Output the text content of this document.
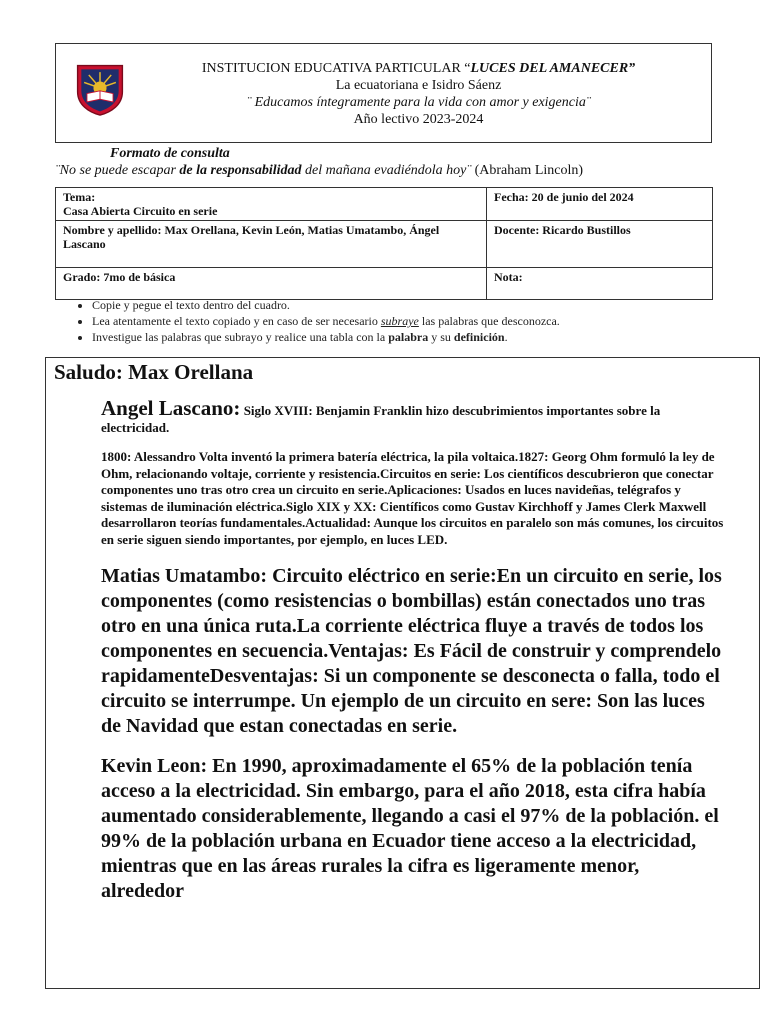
INSTITUCION EDUCATIVA PARTICULAR “LUCES DEL AMANECER”
La ecuatoriana e Isidro Sáenz
¨ Educamos íntegramente para la vida con amor y exigencia¨
Año lectivo 2023-2024
Formato de consulta
¨No se puede escapar de la responsabilidad del mañana evadiéndola hoy¨ (Abraham Lincoln)
Tema:
Casa Abierta Circuito en serie	Fecha: 20 de junio del 2024
Nombre y apellido: Max Orellana, Kevin León, Matias Umatambo, Ángel Lascano	Docente: Ricardo Bustillos
Grado: 7mo de básica	Nota:
• Copie y pegue el texto dentro del cuadro.
• Lea atentamente el texto copiado y en caso de ser necesario subraye las palabras que desconozca.
• Investigue las palabras que subrayo y realice una tabla con la palabra y su definición.
Saludo: Max Orellana

Angel Lascano: Siglo XVIII: Benjamin Franklin hizo descubrimientos importantes sobre la electricidad.

1800: Alessandro Volta inventó la primera batería eléctrica, la pila voltaica.1827: Georg Ohm formuló la ley de Ohm, relacionando voltaje, corriente y resistencia.Circuitos en serie: Los científicos descubrieron que conectar componentes uno tras otro crea un circuito en serie.Aplicaciones: Usados en luces navideñas, telégrafos y sistemas de iluminación eléctrica.Siglo XIX y XX: Científicos como Gustav Kirchhoff y James Clerk Maxwell desarrollaron teorías fundamentales.Actualidad: Aunque los circuitos en paralelo son más comunes, los circuitos en serie siguen siendo importantes, por ejemplo, en luces LED.

Matias Umatambo: Circuito eléctrico en serie:En un circuito en serie, los componentes (como resistencias o bombillas) están conectados uno tras otro en una única ruta.La corriente eléctrica fluye a través de todos los componentes en secuencia.Ventajas: Es Fácil de construir y comprendelo rapidamenteDesventajas: Si un componente se desconecta o falla, todo el circuito se interrumpe. Un ejemplo de un circuito en sere: Son las luces de Navidad que estan conectadas en serie.

Kevin Leon: En 1990, aproximadamente el 65% de la población tenía acceso a la electricidad. Sin embargo, para el año 2018, esta cifra había aumentado considerablemente, llegando a casi el 97% de la población. el 99% de la población urbana en Ecuador tiene acceso a la electricidad, mientras que en las áreas rurales la cifra es ligeramente menor, alrededor
